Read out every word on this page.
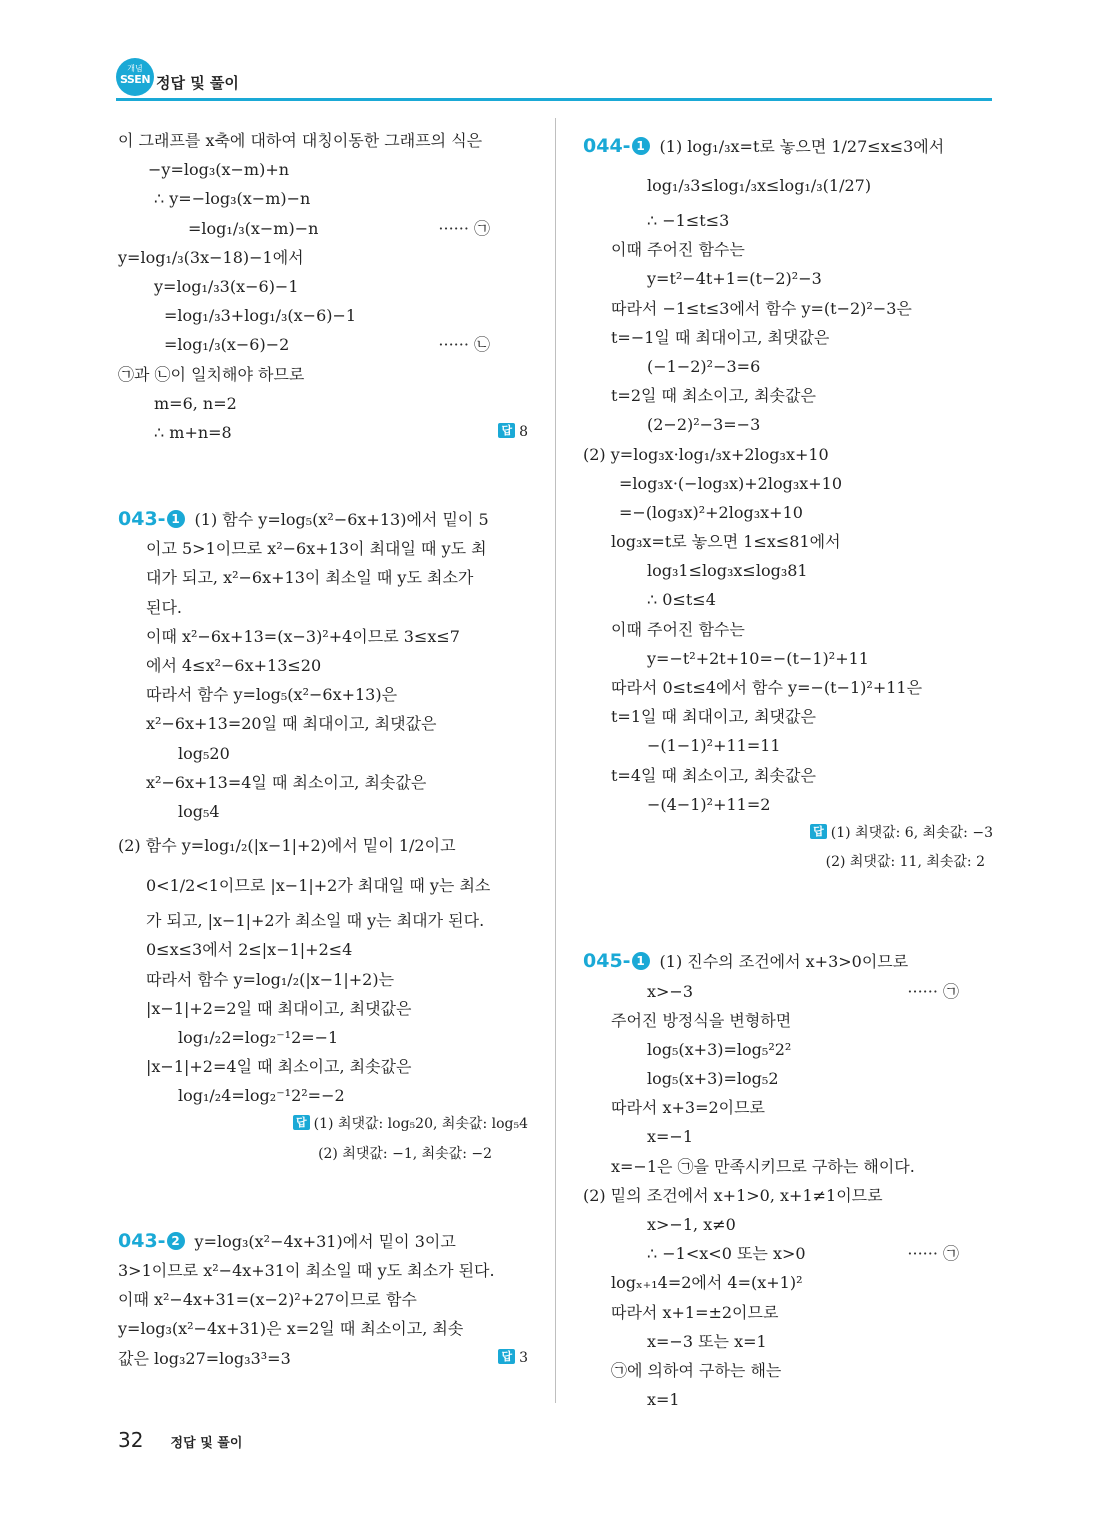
개념
SSEN 정답 및 풀이
이 그래프를 x축에 대하여 대칭이동한 그래프의 식은
−y=log₃(x−m)+n
∴ y=−log₃(x−m)−n
=log₁/₃(x−m)−n	······ ㉠
y=log₁/₃(3x−18)−1에서
y=log₁/₃3(x−6)−1
=log₁/₃3+log₁/₃(x−6)−1
=log₁/₃(x−6)−2	······ ㉡
㉠과 ㉡이 일치해야 하므로
m=6, n=2
∴ m+n=8	답 8
043- 1 (1) 함수 y=log₅(x²−6x+13)에서 밑이 5
이고 5>1이므로 x²−6x+13이 최대일 때 y도 최
대가 되고, x²−6x+13이 최소일 때 y도 최소가
된다.
이때 x²−6x+13=(x−3)²+4이므로 3≤x≤7
에서 4≤x²−6x+13≤20
따라서 함수 y=log₅(x²−6x+13)은
x²−6x+13=20일 때 최대이고, 최댓값은
log₅20
x²−6x+13=4일 때 최소이고, 최솟값은
log₅4
(2) 함수 y=log₁/₂(|x−1|+2)에서 밑이 1/2이고
0<1/2<1이므로 |x−1|+2가 최대일 때 y는 최소
가 되고, |x−1|+2가 최소일 때 y는 최대가 된다.
0≤x≤3에서 2≤|x−1|+2≤4
따라서 함수 y=log₁/₂(|x−1|+2)는
|x−1|+2=2일 때 최대이고, 최댓값은
log₁/₂2=log₂⁻¹2=−1
|x−1|+2=4일 때 최소이고, 최솟값은
log₁/₂4=log₂⁻¹2²=−2
답 (1) 최댓값: log₅20, 최솟값: log₅4
(2) 최댓값: −1, 최솟값: −2
043- 2 y=log₃(x²−4x+31)에서 밑이 3이고
3>1이므로 x²−4x+31이 최소일 때 y도 최소가 된다.
이때 x²−4x+31=(x−2)²+27이므로 함수
y=log₃(x²−4x+31)은 x=2일 때 최소이고, 최솟
값은 log₃27=log₃3³=3	답 3
044- 1 (1) log₁/₃x=t로 놓으면 1/27≤x≤3에서
log₁/₃3≤log₁/₃x≤log₁/₃(1/27)
∴ −1≤t≤3
이때 주어진 함수는
y=t²−4t+1=(t−2)²−3
따라서 −1≤t≤3에서 함수 y=(t−2)²−3은
t=−1일 때 최대이고, 최댓값은
(−1−2)²−3=6
t=2일 때 최소이고, 최솟값은
(2−2)²−3=−3
(2) y=log₃x·log₁/₃x+2log₃x+10
=log₃x·(−log₃x)+2log₃x+10
=−(log₃x)²+2log₃x+10
log₃x=t로 놓으면 1≤x≤81에서
log₃1≤log₃x≤log₃81
∴ 0≤t≤4
이때 주어진 함수는
y=−t²+2t+10=−(t−1)²+11
따라서 0≤t≤4에서 함수 y=−(t−1)²+11은
t=1일 때 최대이고, 최댓값은
−(1−1)²+11=11
t=4일 때 최소이고, 최솟값은
−(4−1)²+11=2
답 (1) 최댓값: 6, 최솟값: −3
(2) 최댓값: 11, 최솟값: 2
045- 1 (1) 진수의 조건에서 x+3>0이므로
x>−3	······ ㉠
주어진 방정식을 변형하면
log₅(x+3)=log₅²2²
log₅(x+3)=log₅2
따라서 x+3=2이므로
x=−1
x=−1은 ㉠을 만족시키므로 구하는 해이다.
(2) 밑의 조건에서 x+1>0, x+1≠1이므로
x>−1, x≠0
∴ −1<x<0 또는 x>0	······ ㉠
logₓ₊₁4=2에서 4=(x+1)²
따라서 x+1=±2이므로
x=−3 또는 x=1
㉠에 의하여 구하는 해는
x=1
32 정답 및 풀이
